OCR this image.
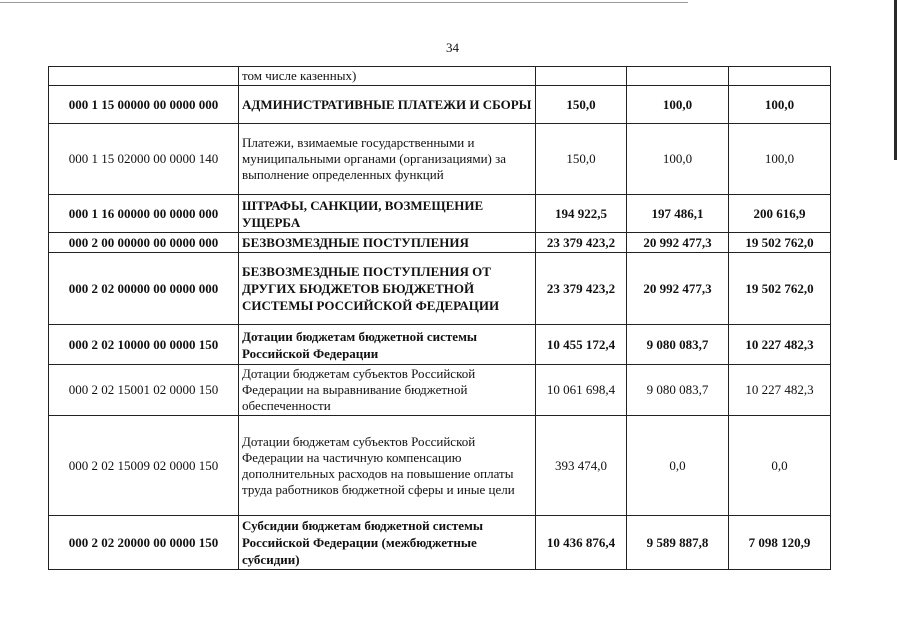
34
	том числе казенных)			
000 1 15 00000 00 0000 000	АДМИНИСТРАТИВНЫЕ ПЛАТЕЖИ И СБОРЫ	150,0	100,0	100,0
000 1 15 02000 00 0000 140	Платежи, взимаемые государственными и муниципальными органами (организациями) за выполнение определенных функций	150,0	100,0	100,0
000 1 16 00000 00 0000 000	ШТРАФЫ, САНКЦИИ, ВОЗМЕЩЕНИЕ УЩЕРБА	194 922,5	197 486,1	200 616,9
000 2 00 00000 00 0000 000	БЕЗВОЗМЕЗДНЫЕ ПОСТУПЛЕНИЯ	23 379 423,2	20 992 477,3	19 502 762,0
000 2 02 00000 00 0000 000	БЕЗВОЗМЕЗДНЫЕ ПОСТУПЛЕНИЯ ОТ ДРУГИХ БЮДЖЕТОВ БЮДЖЕТНОЙ СИСТЕМЫ РОССИЙСКОЙ ФЕДЕРАЦИИ	23 379 423,2	20 992 477,3	19 502 762,0
000 2 02 10000 00 0000 150	Дотации бюджетам бюджетной системы Российской Федерации	10 455 172,4	9 080 083,7	10 227 482,3
000 2 02 15001 02 0000 150	Дотации бюджетам субъектов Российской Федерации на выравнивание бюджетной обеспеченности	10 061 698,4	9 080 083,7	10 227 482,3
000 2 02 15009 02 0000 150	Дотации бюджетам субъектов Российской Федерации на частичную компенсацию дополнительных расходов на повышение оплаты труда работников бюджетной сферы и иные цели	393 474,0	0,0	0,0
000 2 02 20000 00 0000 150	Субсидии бюджетам бюджетной системы Российской Федерации (межбюджетные субсидии)	10 436 876,4	9 589 887,8	7 098 120,9
